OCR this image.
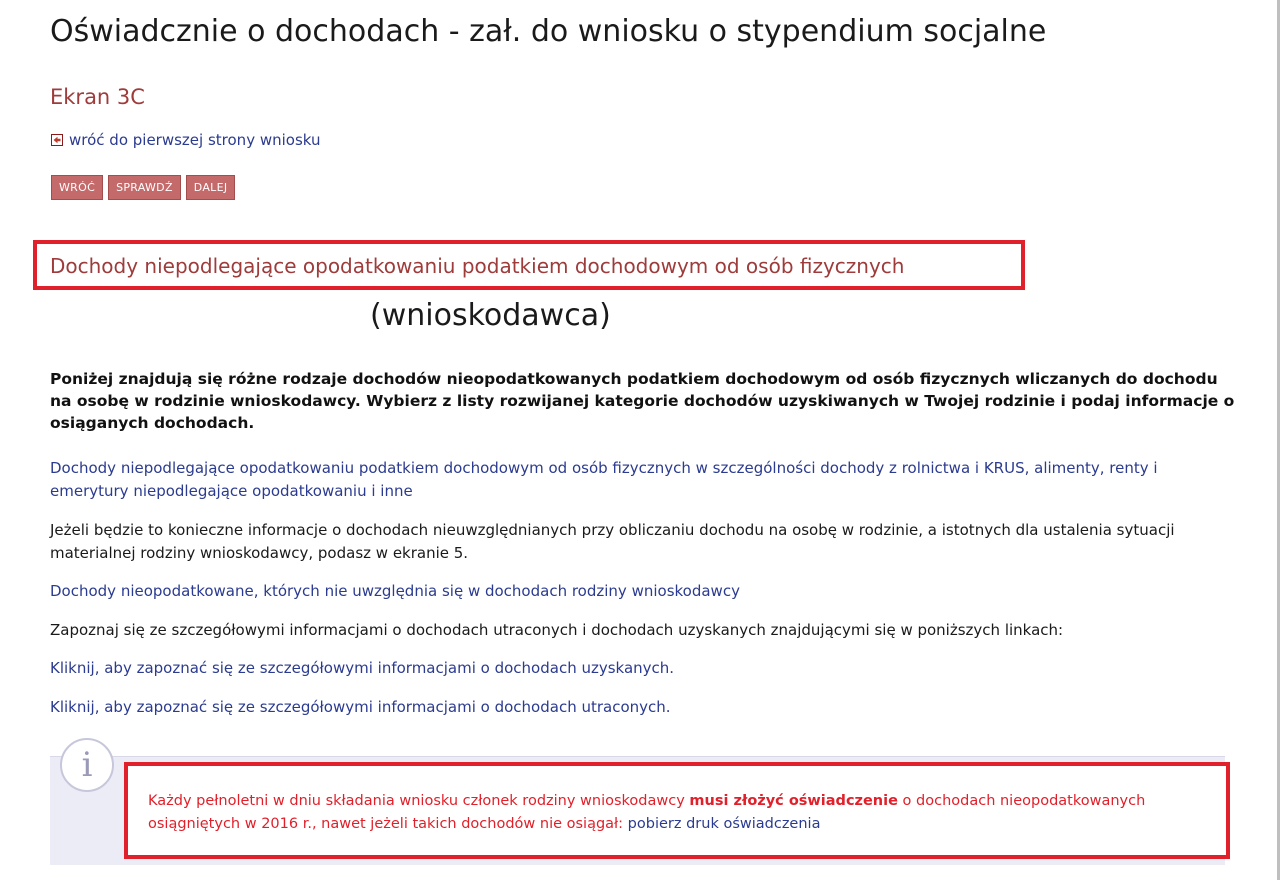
Oświadcznie o dochodach - zał. do wniosku o stypendium socjalne
Ekran 3C
wróć do pierwszej strony wniosku
WRÓĆ	SPRAWDŹ	DALEJ
Dochody niepodlegające opodatkowaniu podatkiem dochodowym od osób fizycznych
(wnioskodawca)

Poniżej znajdują się różne rodzaje dochodów nieopodatkowanych podatkiem dochodowym od osób fizycznych wliczanych do dochodu na osobę w rodzinie wnioskodawcy. Wybierz z listy rozwijanej kategorie dochodów uzyskiwanych w Twojej rodzinie i podaj informacje o osiąganych dochodach.

Dochody niepodlegające opodatkowaniu podatkiem dochodowym od osób fizycznych w szczególności dochody z rolnictwa i KRUS, alimenty, renty i emerytury niepodlegające opodatkowaniu i inne

Jeżeli będzie to konieczne informacje o dochodach nieuwzględnianych przy obliczaniu dochodu na osobę w rodzinie, a istotnych dla ustalenia sytuacji materialnej rodziny wnioskodawcy, podasz w ekranie 5.

Dochody nieopodatkowane, których nie uwzględnia się w dochodach rodziny wnioskodawcy

Zapoznaj się ze szczegółowymi informacjami o dochodach utraconych i dochodach uzyskanych znajdującymi się w poniższych linkach:

Kliknij, aby zapoznać się ze szczegółowymi informacjami o dochodach uzyskanych.

Kliknij, aby zapoznać się ze szczegółowymi informacjami o dochodach utraconych.

i

Każdy pełnoletni w dniu składania wniosku członek rodziny wnioskodawcy musi złożyć oświadczenie o dochodach nieopodatkowanych osiągniętych w 2016 r., nawet jeżeli takich dochodów nie osiągał: pobierz druk oświadczenia
